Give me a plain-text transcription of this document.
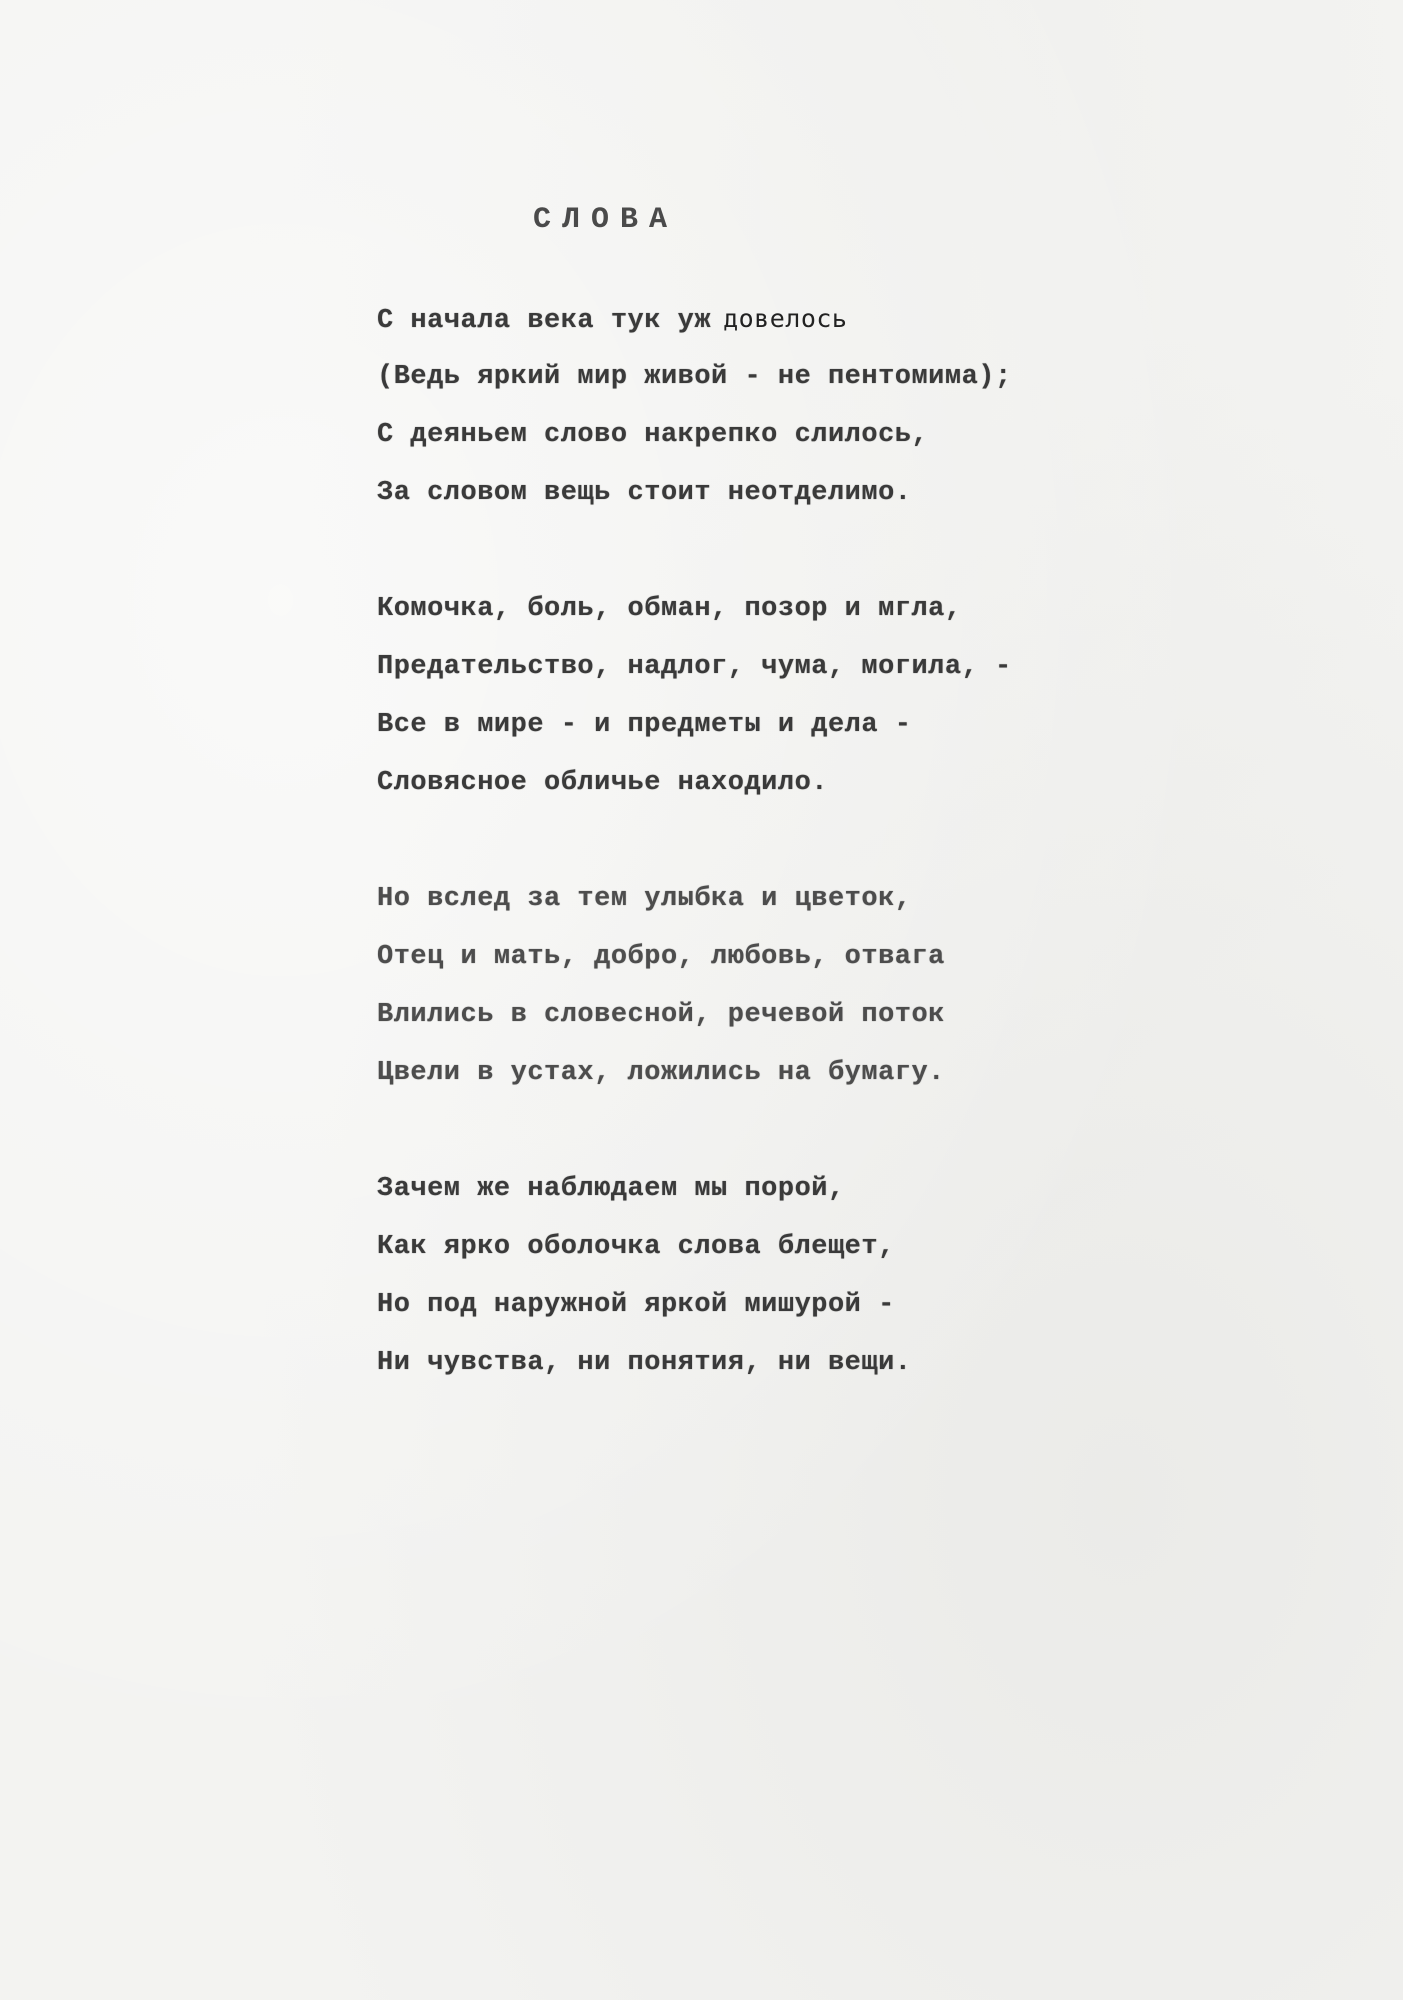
СЛОВА
С начала века тук уж довелось
(Ведь яркий мир живой - не пентомима);
С деяньем слово накрепко слилось,
За словом вещь стоит неотделимо.
Комочка, боль, обман, позор и мгла,
Предательство, надлог, чума, могила, -
Все в мире - и предметы и дела -
Словясное обличье находило.
Но вслед за тем улыбка и цветок,
Отец и мать, добро, любовь, отвага
Влились в словесной, речевой поток
Цвели в устах, ложились на бумагу.
Зачем же наблюдаем мы порой,
Как ярко оболочка слова блещет,
Но под наружной яркой мишурой -
Ни чувства, ни понятия, ни вещи.
